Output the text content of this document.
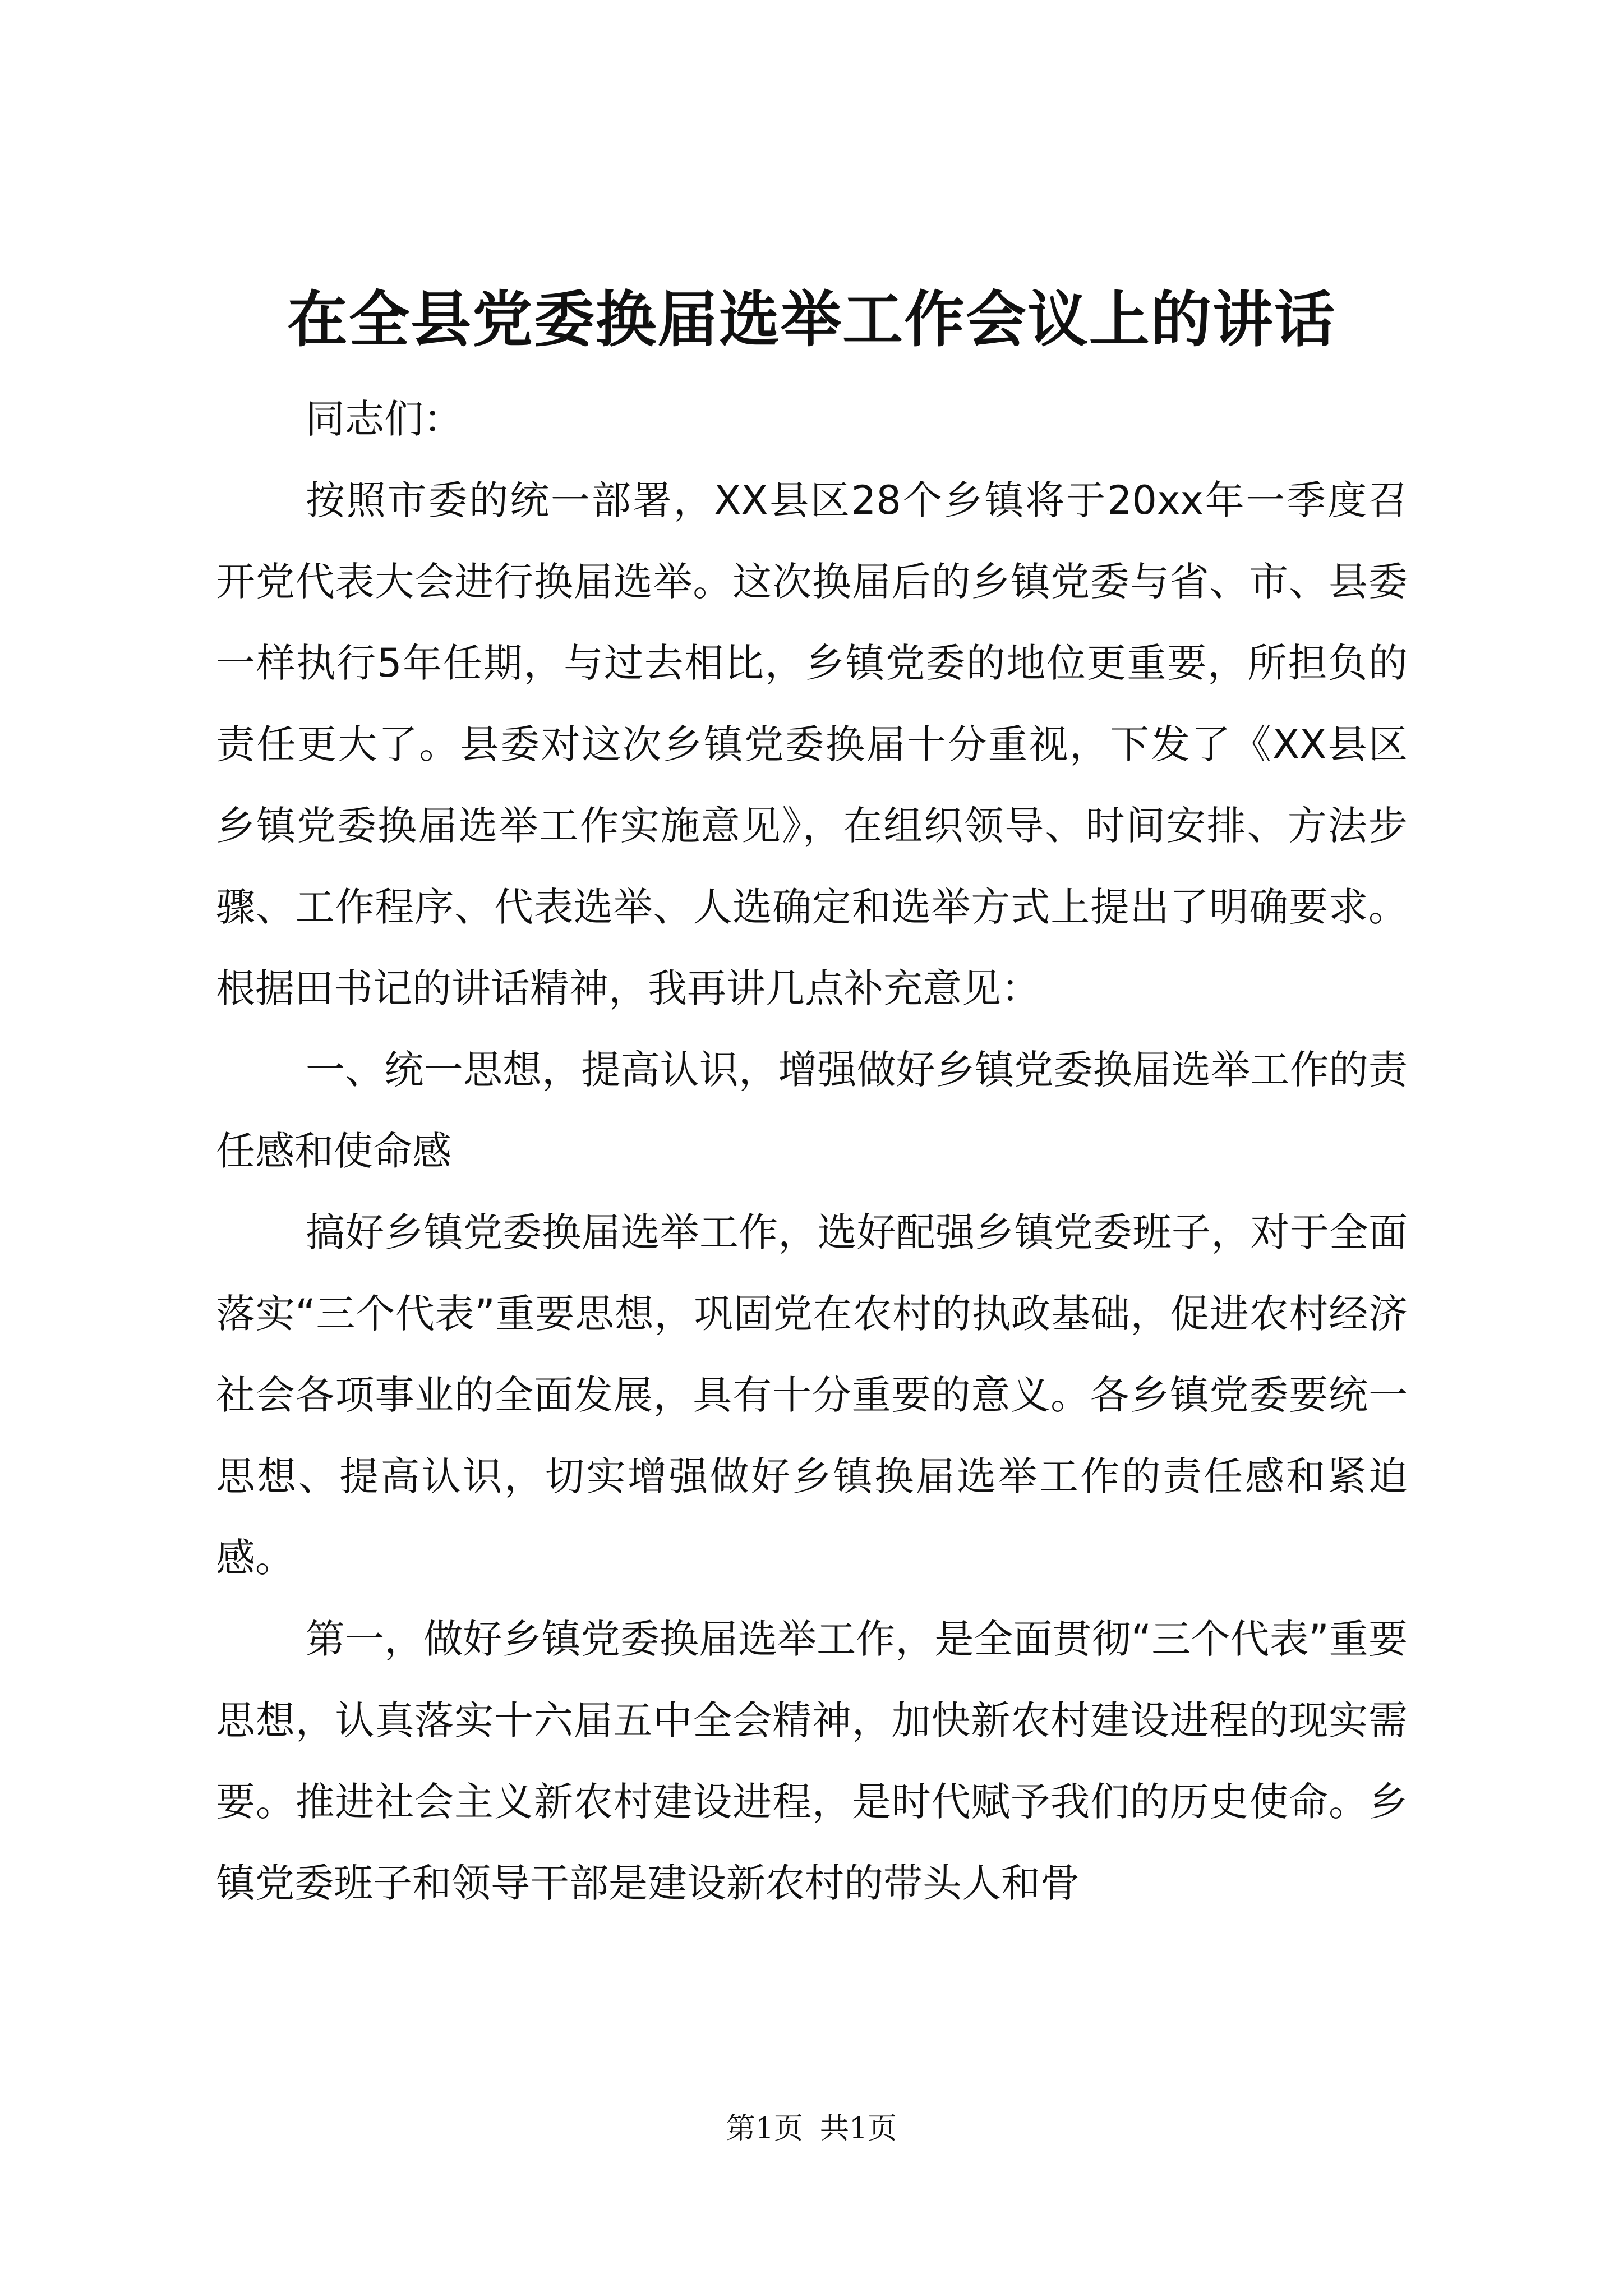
在全县党委换届选举工作会议上的讲话

同志们：

按照市委的统一部署，XX县区28个乡镇将于20xx年一季度召开党代表大会进行换届选举。这次换届后的乡镇党委与省、市、县委一样执行5年任期，与过去相比，乡镇党委的地位更重要，所担负的责任更大了。县委对这次乡镇党委换届十分重视，下发了《XX县区乡镇党委换届选举工作实施意见》，在组织领导、时间安排、方法步骤、工作程序、代表选举、人选确定和选举方式上提出了明确要求。根据田书记的讲话精神，我再讲几点补充意见：

一、统一思想，提高认识，增强做好乡镇党委换届选举工作的责任感和使命感

搞好乡镇党委换届选举工作，选好配强乡镇党委班子，对于全面落实“三个代表”重要思想，巩固党在农村的执政基础，促进农村经济社会各项事业的全面发展，具有十分重要的意义。各乡镇党委要统一思想、提高认识，切实增强做好乡镇换届选举工作的责任感和紧迫感。

第一，做好乡镇党委换届选举工作，是全面贯彻“三个代表”重要思想，认真落实十六届五中全会精神，加快新农村建设进程的现实需要。推进社会主义新农村建设进程，是时代赋予我们的历史使命。乡镇党委班子和领导干部是建设新农村的带头人和骨

第1页 共1页
